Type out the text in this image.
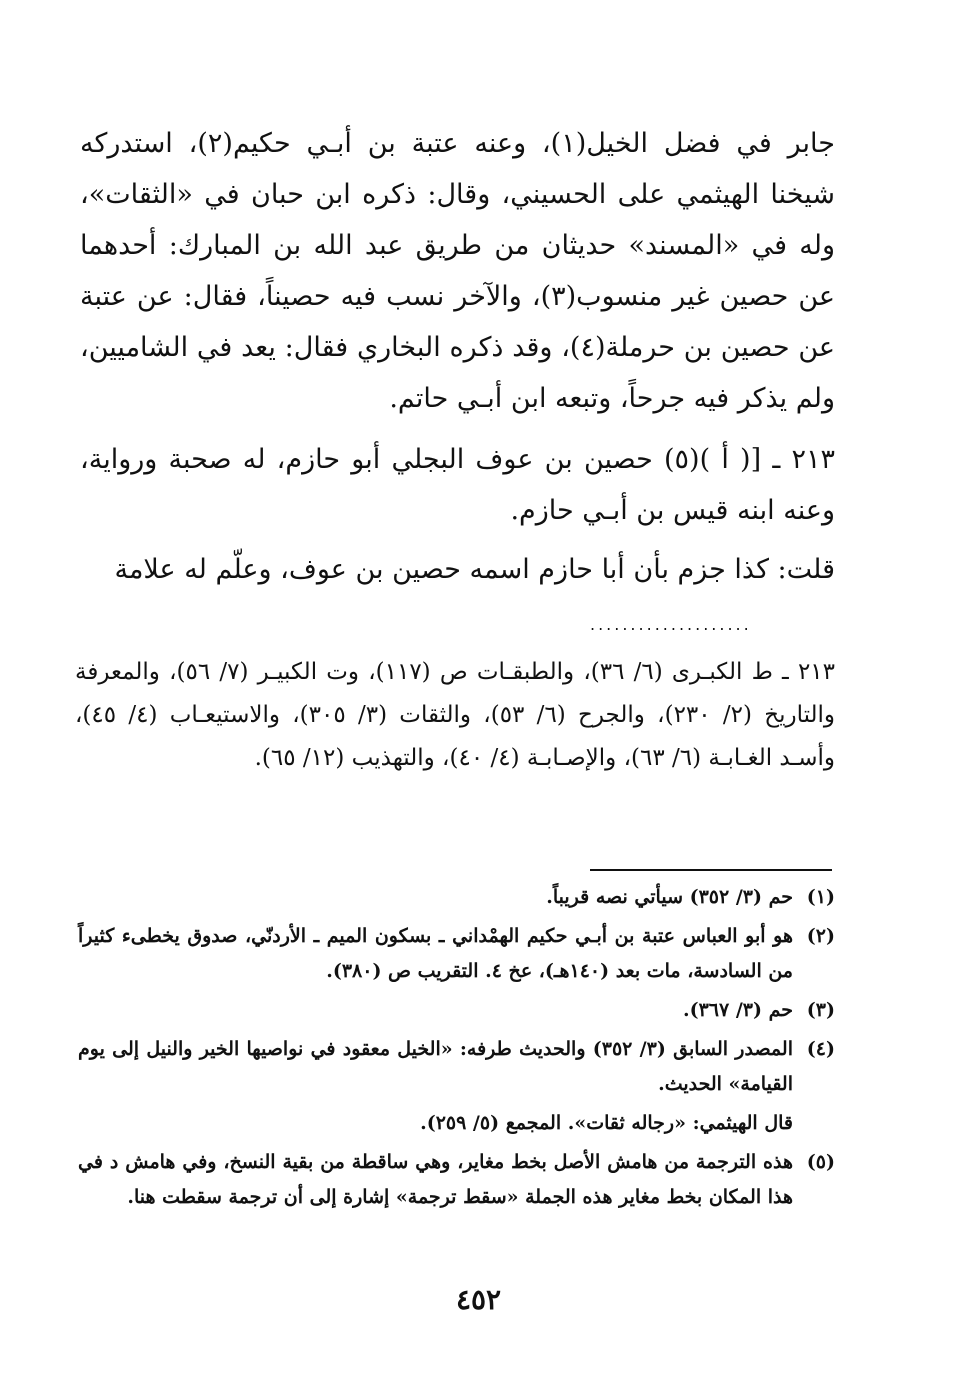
جابر في فضل الخيل(١)، وعنه عتبة بن أبـي حكيم(٢)، استدركه شيخنا الهيثمي على الحسيني، وقال: ذكره ابن حبان في «الثقات»، وله في «المسند» حديثان من طريق عبد الله بن المبارك: أحدهما عن حصين غير منسوب(٣)، والآخر نسب فيه حصيناً، فقال: عن عتبة عن حصين بن حرملة(٤)، وقد ذكره البخاري فقال: يعد في الشاميين، ولم يذكر فيه جرحاً، وتبعه ابن أبـي حاتم.

٢١٣ ـ [( أ )(٥) حصين بن عوف البجلي أبو حازم، له صحبة ورواية، وعنه ابنه قيس بن أبـي حازم.

قلت: كذا جزم بأن أبا حازم اسمه حصين بن عوف، وعلّم له علامة

....................

٢١٣ ـ ط الكبـرى (٦/ ٣٦)، والطبقـات ص (١١٧)، وت الكبيـر (٧/ ٥٦)، والمعرفة والتاريخ (٢/ ٢٣٠)، والجرح (٦/ ٥٣)، والثقات (٣/ ٣٠٥)، والاستيعـاب (٤/ ٤٥)، وأسـد الغـابـة (٦/ ٦٣)، والإصـابـة (٤/ ٤٠)، والتهذيب (١٢/ ٦٥).

(١)
حم (٣/ ٣٥٢) سيأتي نصه قريباً.
(٢)
هو أبو العباس عتبة بن أبـي حكيم الهمْداني ـ بسكون الميم ـ الأردنّي، صدوق يخطىء كثيراً من السادسة، مات بعد (١٤٠هـ)، عخ ٤. التقريب ص (٣٨٠).
(٣)
حم (٣/ ٣٦٧).
(٤)
المصدر السابق (٣/ ٣٥٢) والحديث طرفه: «الخيل معقود في نواصيها الخير والنيل إلى يوم القيامة» الحديث.
قال الهيثمي: «رجاله ثقات». المجمع (٥/ ٢٥٩).
(٥)
هذه الترجمة من هامش الأصل بخط مغاير، وهي ساقطة من بقية النسخ، وفي هامش د في هذا المكان بخط مغاير هذه الجملة «سقط ترجمة» إشارة إلى أن ترجمة سقطت هنا.
٤٥٢
